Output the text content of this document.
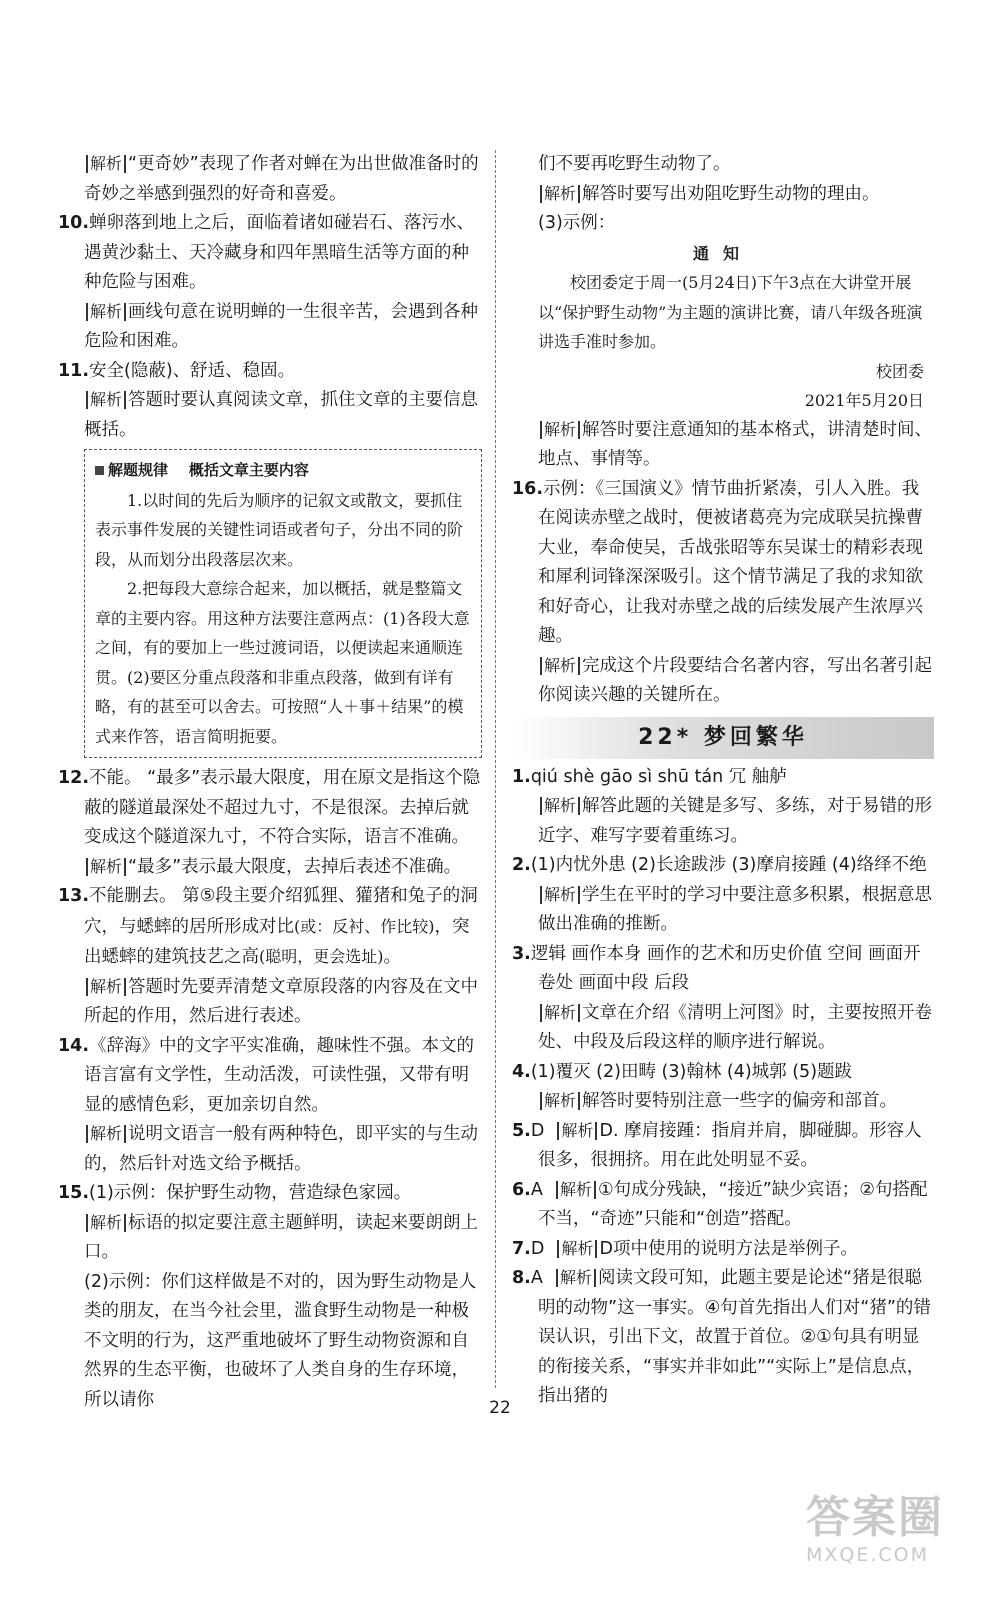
解析 “更奇妙”表现了作者对蝉在为出世做准备时的奇妙之举感到强烈的好奇和喜爱。

10.蝉卵落到地上之后，面临着诸如碰岩石、落污水、遇黄沙黏土、天冷藏身和四年黑暗生活等方面的种种危险与困难。

解析 画线句意在说明蝉的一生很辛苦，会遇到各种危险和困难。

11.安全(隐蔽)、舒适、稳固。

解析 答题时要认真阅读文章，抓住文章的主要信息概括。

解题规律 概括文章主要内容

1.以时间的先后为顺序的记叙文或散文，要抓住表示事件发展的关键性词语或者句子，分出不同的阶段，从而划分出段落层次来。

2.把每段大意综合起来，加以概括，就是整篇文章的主要内容。用这种方法要注意两点：(1)各段大意之间，有的要加上一些过渡词语，以便读起来通顺连贯。(2)要区分重点段落和非重点段落，做到有详有略，有的甚至可以舍去。可按照“人＋事＋结果”的模式来作答，语言简明扼要。

12.不能。 “最多”表示最大限度，用在原文是指这个隐蔽的隧道最深处不超过九寸，不是很深。去掉后就变成这个隧道深九寸，不符合实际，语言不准确。

解析 “最多”表示最大限度，去掉后表述不准确。

13.不能删去。 第⑤段主要介绍狐狸、獾猪和兔子的洞穴，与蟋蟀的居所形成对比(或：反衬、作比较)，突出蟋蟀的建筑技艺之高(聪明，更会选址)。

解析 答题时先要弄清楚文章原段落的内容及在文中所起的作用，然后进行表述。

14.《辞海》中的文字平实准确，趣味性不强。本文的语言富有文学性，生动活泼，可读性强，又带有明显的感情色彩，更加亲切自然。

解析 说明文语言一般有两种特色，即平实的与生动的，然后针对选文给予概括。

15.(1)示例：保护野生动物，营造绿色家园。

解析 标语的拟定要注意主题鲜明，读起来要朗朗上口。

(2)示例：你们这样做是不对的，因为野生动物是人类的朋友，在当今社会里，滥食野生动物是一种极不文明的行为，这严重地破坏了野生动物资源和自然界的生态平衡，也破坏了人类自身的生存环境，所以请你

们不要再吃野生动物了。

解析 解答时要写出劝阻吃野生动物的理由。

(3)示例：

通知

校团委定于周一(5月24日)下午3点在大讲堂开展以“保护野生动物”为主题的演讲比赛，请八年级各班演讲选手准时参加。

校团委

2021年5月20日

解析 解答时要注意通知的基本格式，讲清楚时间、地点、事情等。

16.示例：《三国演义》情节曲折紧凑，引人入胜。我在阅读赤壁之战时，便被诸葛亮为完成联吴抗操曹大业，奉命使吴，舌战张昭等东吴谋士的精彩表现和犀利词锋深深吸引。这个情节满足了我的求知欲和好奇心，让我对赤壁之战的后续发展产生浓厚兴趣。

解析 完成这个片段要结合名著内容，写出名著引起你阅读兴趣的关键所在。

22* 梦回繁华

1.qiú shè gāo sì shū tán 冗 舳舻

解析 解答此题的关键是多写、多练，对于易错的形近字、难写字要着重练习。

2.(1)内忧外患 (2)长途跋涉 (3)摩肩接踵 (4)络绎不绝

解析 学生在平时的学习中要注意多积累，根据意思做出准确的推断。

3.逻辑 画作本身 画作的艺术和历史价值 空间 画面开卷处 画面中段 后段

解析 文章在介绍《清明上河图》时，主要按照开卷处、中段及后段这样的顺序进行解说。

4.(1)覆灭 (2)田畴 (3)翰林 (4)城郭 (5)题跋

解析 解答时要特别注意一些字的偏旁和部首。

5.D 解析 D. 摩肩接踵：指肩并肩，脚碰脚。形容人很多，很拥挤。用在此处明显不妥。

6.A 解析 ①句成分残缺，“接近”缺少宾语；②句搭配不当，“奇迹”只能和“创造”搭配。

7.D 解析 D项中使用的说明方法是举例子。

8.A 解析 阅读文段可知，此题主要是论述“猪是很聪明的动物”这一事实。④句首先指出人们对“猪”的错误认识，引出下文，故置于首位。②①句具有明显的衔接关系，“事实并非如此”“实际上”是信息点，指出猪的

22
答案圈
MXQE.COM
